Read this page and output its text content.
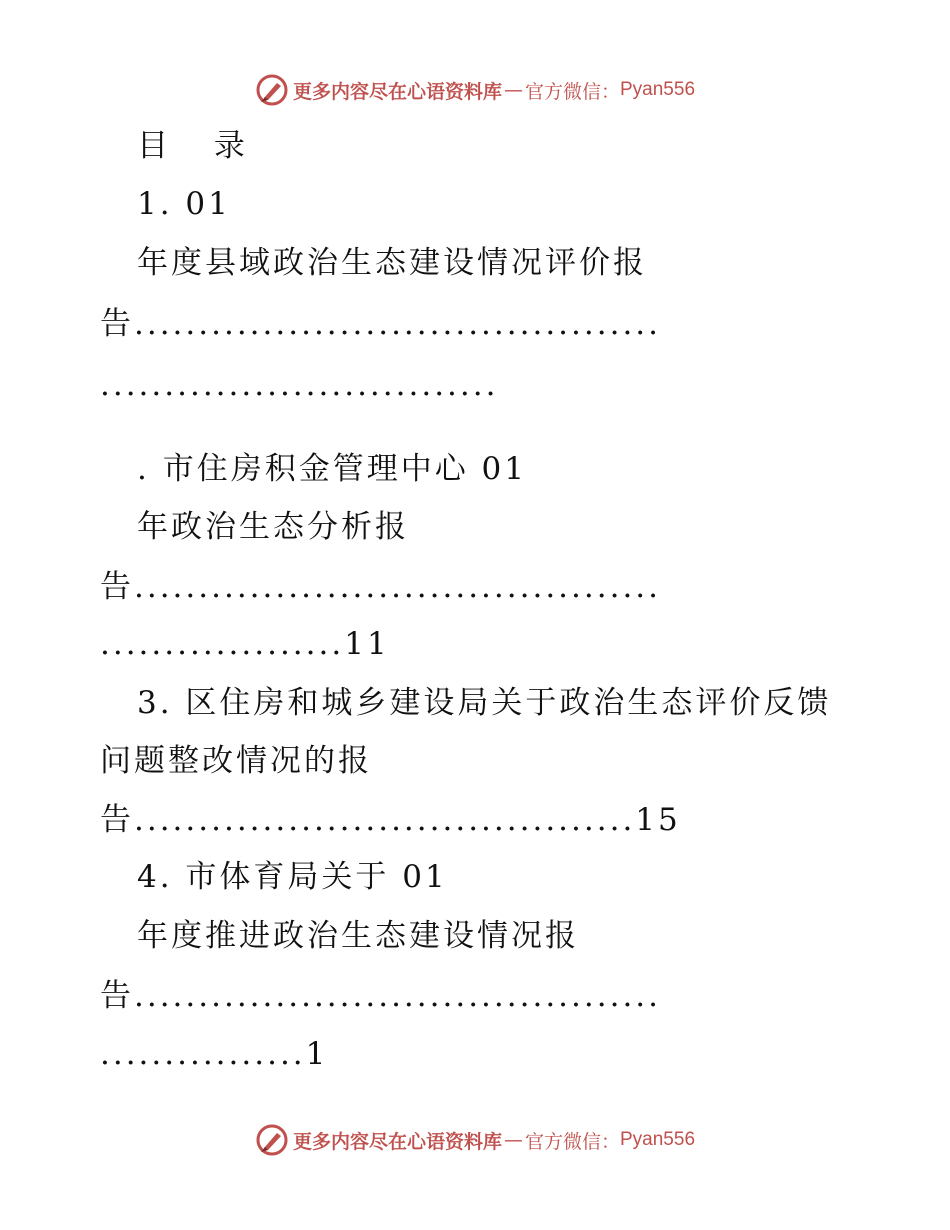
更多内容尽在心语资料库 — 官方微信： Pyan556
目 录
1. 01
年度县域政治生态建设情况评价报
告.........................................
...............................
. 市住房积金管理中心 01
年政治生态分析报
告.........................................
...................11
3. 区住房和城乡建设局关于政治生态评价反馈
问题整改情况的报
告.......................................15
4. 市体育局关于 01
年度推进政治生态建设情况报
告.........................................
................1
更多内容尽在心语资料库 — 官方微信： Pyan556
